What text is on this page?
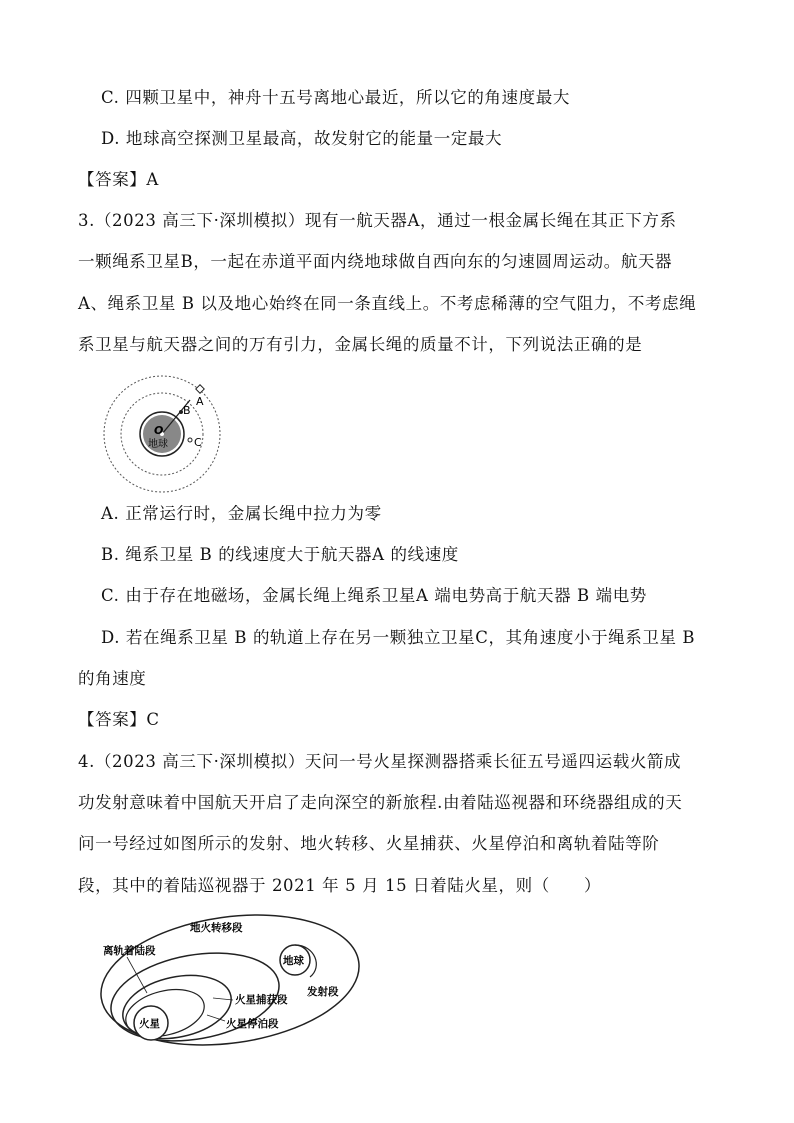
C. 四颗卫星中，神舟十五号离地心最近，所以它的角速度最大
D. 地球高空探测卫星最高，故发射它的能量一定最大
【答案】A
3.（2023 高三下·深圳模拟）现有一航天器A，通过一根金属长绳在其正下方系
一颗绳系卫星B，一起在赤道平面内绕地球做自西向东的匀速圆周运动。航天器
A、绳系卫星 B 以及地心始终在同一条直线上。不考虑稀薄的空气阻力，不考虑绳
系卫星与航天器之间的万有引力，金属长绳的质量不计，下列说法正确的是
A
B
C
O
地球
A. 正常运行时，金属长绳中拉力为零
B. 绳系卫星 B 的线速度大于航天器A 的线速度
C. 由于存在地磁场，金属长绳上绳系卫星A 端电势高于航天器 B 端电势
D. 若在绳系卫星 B 的轨道上存在另一颗独立卫星C，其角速度小于绳系卫星 B
的角速度
【答案】C
4.（2023 高三下·深圳模拟）天问一号火星探测器搭乘长征五号遥四运载火箭成
功发射意味着中国航天开启了走向深空的新旅程.由着陆巡视器和环绕器组成的天
问一号经过如图所示的发射、地火转移、火星捕获、火星停泊和离轨着陆等阶
段，其中的着陆巡视器于 2021 年 5 月 15 日着陆火星，则（　　）
地火转移段
离轨着陆段
地球
发射段
火星捕获段
火星	火星停泊段
